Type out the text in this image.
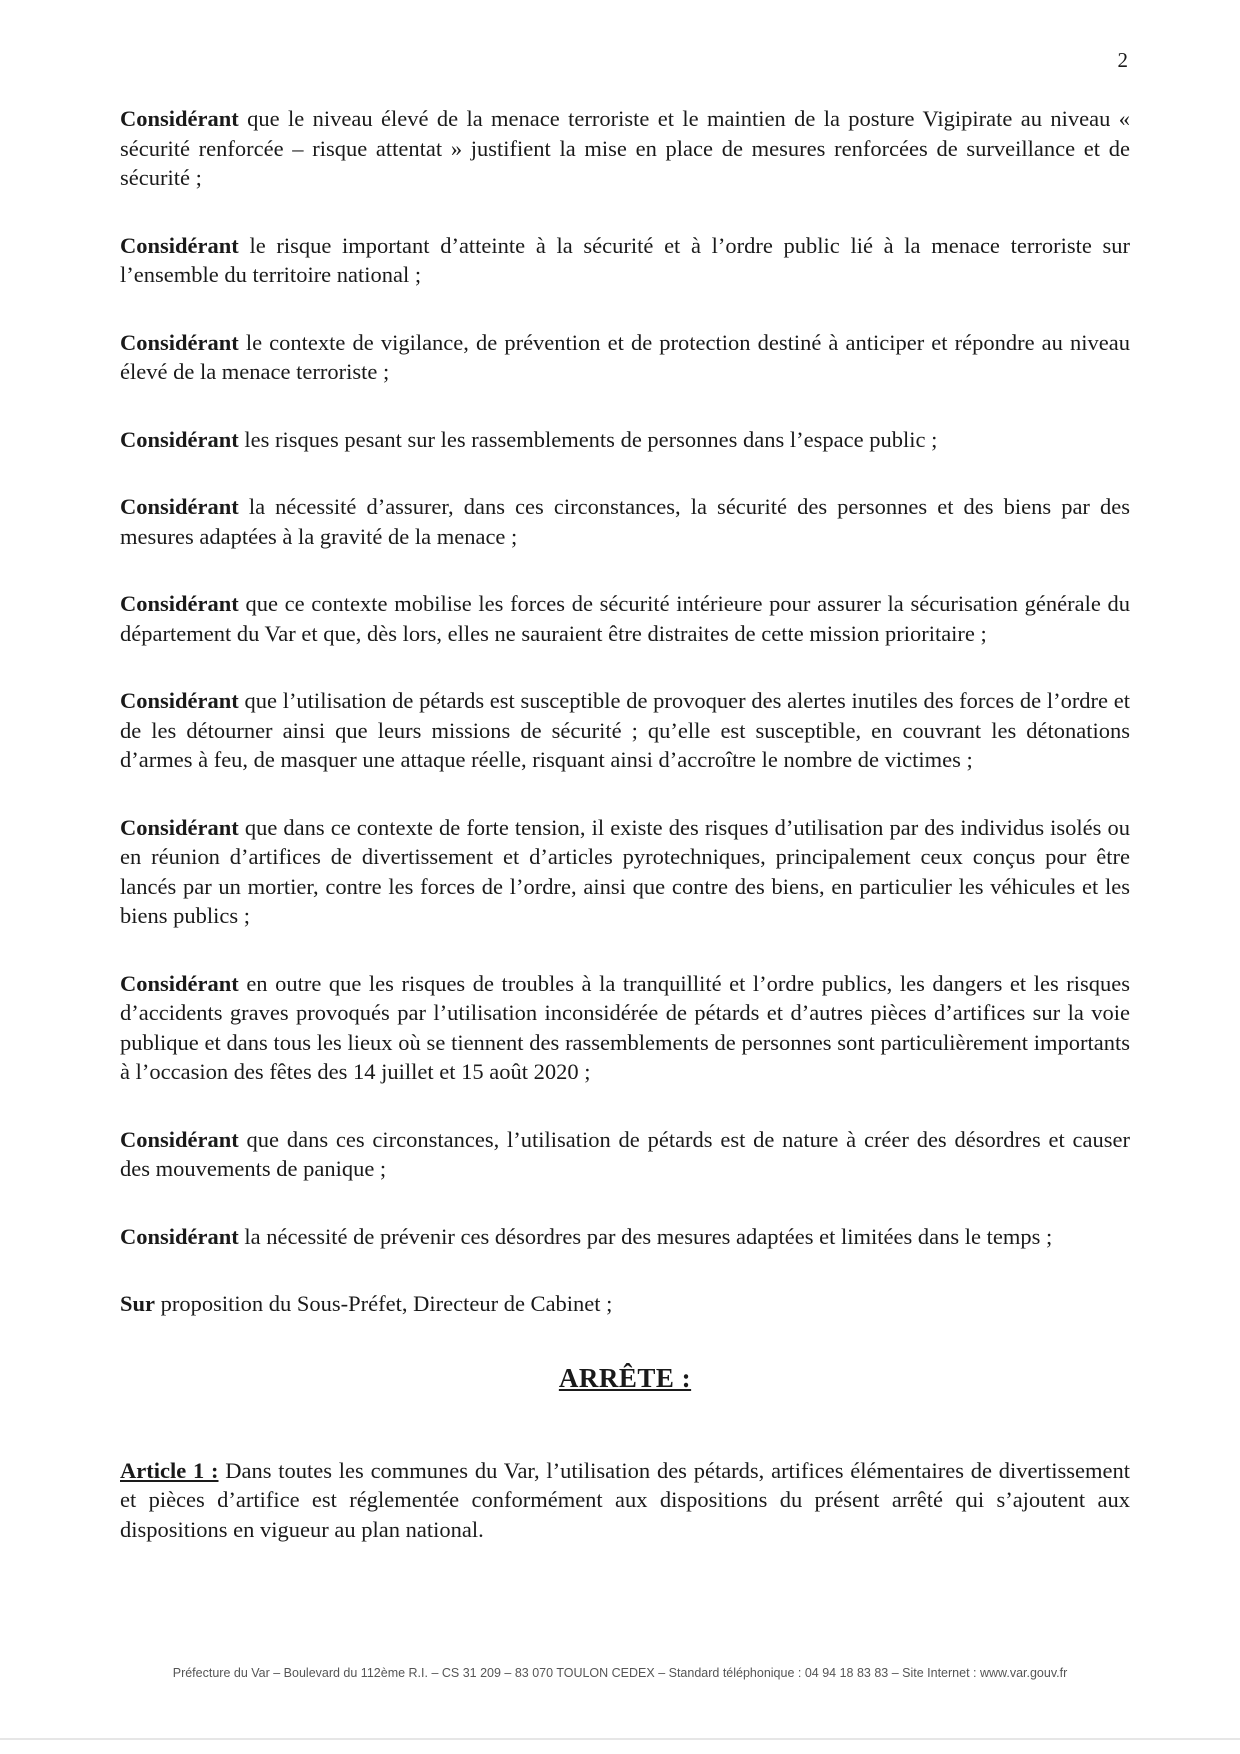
2

Considérant que le niveau élevé de la menace terroriste et le maintien de la posture Vigipirate au niveau « sécurité renforcée – risque attentat » justifient la mise en place de mesures renforcées de surveillance et de sécurité ;

Considérant le risque important d’atteinte à la sécurité et à l’ordre public lié à la menace terroriste sur l’ensemble du territoire national ;

Considérant le contexte de vigilance, de prévention et de protection destiné à anticiper et répondre au niveau élevé de la menace terroriste ;

Considérant les risques pesant sur les rassemblements de personnes dans l’espace public ;

Considérant la nécessité d’assurer, dans ces circonstances, la sécurité des personnes et des biens par des mesures adaptées à la gravité de la menace ;

Considérant que ce contexte mobilise les forces de sécurité intérieure pour assurer la sécurisation générale du département du Var et que, dès lors, elles ne sauraient être distraites de cette mission prioritaire ;

Considérant que l’utilisation de pétards est susceptible de provoquer des alertes inutiles des forces de l’ordre et de les détourner ainsi que leurs missions de sécurité ; qu’elle est susceptible, en couvrant les détonations d’armes à feu, de masquer une attaque réelle, risquant ainsi d’accroître le nombre de victimes ;

Considérant que dans ce contexte de forte tension, il existe des risques d’utilisation par des individus isolés ou en réunion d’artifices de divertissement et d’articles pyrotechniques, principalement ceux conçus pour être lancés par un mortier, contre les forces de l’ordre, ainsi que contre des biens, en particulier les véhicules et les biens publics ;

Considérant en outre que les risques de troubles à la tranquillité et l’ordre publics, les dangers et les risques d’accidents graves provoqués par l’utilisation inconsidérée de pétards et d’autres pièces d’artifices sur la voie publique et dans tous les lieux où se tiennent des rassemblements de personnes sont particulièrement importants à l’occasion des fêtes des 14 juillet et 15 août 2020 ;

Considérant que dans ces circonstances, l’utilisation de pétards est de nature à créer des désordres et causer des mouvements de panique ;

Considérant la nécessité de prévenir ces désordres par des mesures adaptées et limitées dans le temps ;

Sur proposition du Sous-Préfet, Directeur de Cabinet ;

ARRÊTE :

Article 1 : Dans toutes les communes du Var, l’utilisation des pétards, artifices élémentaires de divertissement et pièces d’artifice est réglementée conformément aux dispositions du présent arrêté qui s’ajoutent aux dispositions en vigueur au plan national.

Préfecture du Var – Boulevard du 112ème R.I. – CS 31 209 – 83 070 TOULON CEDEX – Standard téléphonique : 04 94 18 83 83 – Site Internet : www.var.gouv.fr
